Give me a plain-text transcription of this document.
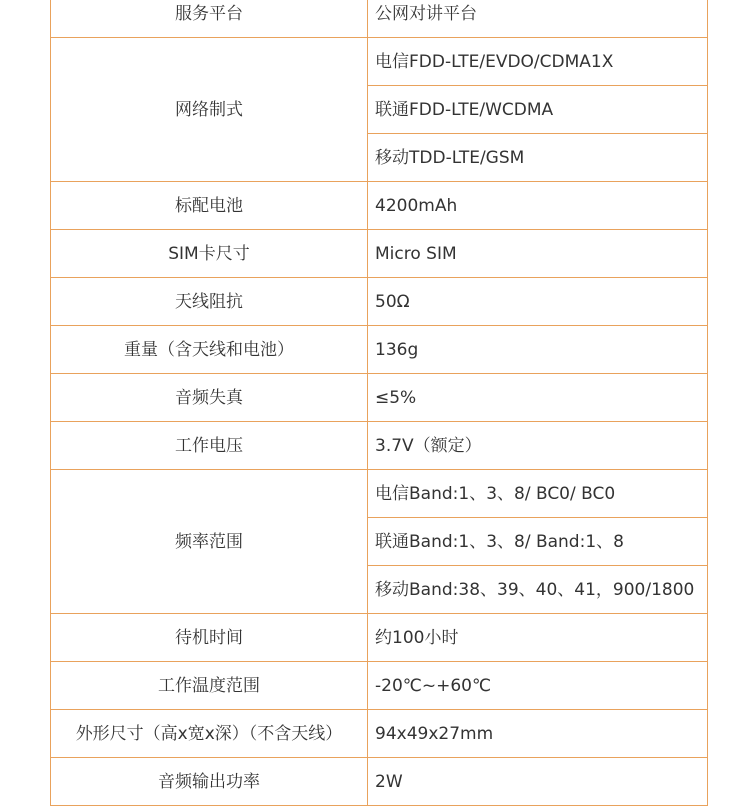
服务平台	公网对讲平台
网络制式	电信FDD-LTE/EVDO/CDMA1X
	联通FDD-LTE/WCDMA
	移动TDD-LTE/GSM
标配电池	4200mAh
SIM卡尺寸	Micro SIM
天线阻抗	50Ω
重量（含天线和电池）	136g
音频失真	≤5%
工作电压	3.7V（额定）
频率范围	电信Band:1、3、8/ BC0/ BC0
	联通Band:1、3、8/ Band:1、8
	移动Band:38、39、40、41，900/1800
待机时间	约100小时
工作温度范围	-20℃~+60℃
外形尺寸（高x宽x深）（不含天线）	94x49x27mm
音频输出功率	2W
